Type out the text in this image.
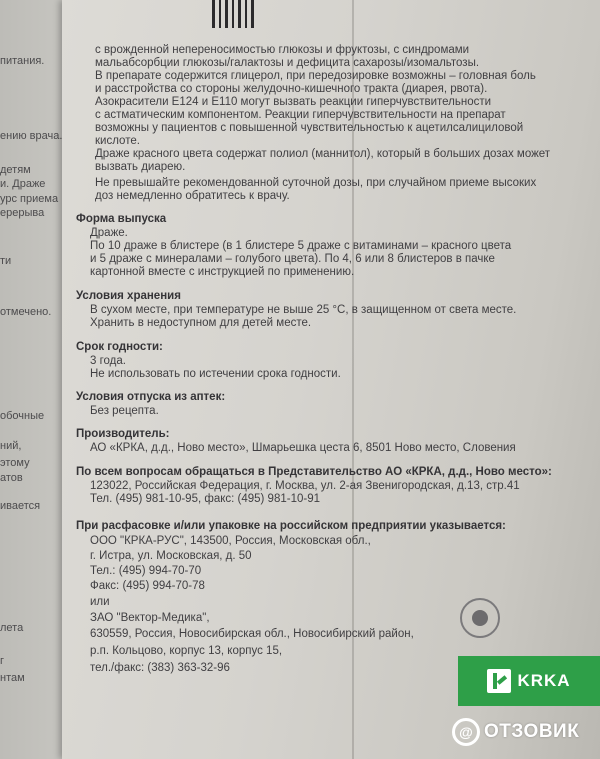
питания.
ению врача.
детям
и. Драже
урс приема
ерерыва
ти
отмечено.
обочные
ний,
этому
атов
ивается
лета
г
нтам
с врожденной непереносимостью глюкозы и фруктозы, с синдромами
мальабсорбции глюкозы/галактозы и дефицита сахарозы/изомальтозы.
В препарате содержится глицерол, при передозировке возможны – головная боль
и расстройства со стороны желудочно-кишечного тракта (диарея, рвота).
Азокрасители E124 и E110 могут вызвать реакции гиперчувствительности
с астматическим компонентом. Реакции гиперчувствительности на препарат
возможны у пациентов с повышенной чувствительностью к ацетилсалициловой
кислоте.
Драже красного цвета содержат полиол (маннитол), который в больших дозах может
вызвать диарею.
Не превышайте рекомендованной суточной дозы, при случайном приеме высоких
доз немедленно обратитесь к врачу.
Форма выпуска
Драже.
По 10 драже в блистере (в 1 блистере 5 драже с витаминами – красного цвета
и 5 драже с минералами – голубого цвета). По 4, 6 или 8 блистеров в пачке
картонной вместе с инструкцией по применению.
Условия хранения
В сухом месте, при температуре не выше 25 °С, в защищенном от света месте.
Хранить в недоступном для детей месте.
Срок годности:
3 года.
Не использовать по истечении срока годности.
Условия отпуска из аптек:
Без рецепта.
Производитель:
АО «КРКА, д.д., Ново место», Шмарьешка цеста 6, 8501 Ново место, Словения
По всем вопросам обращаться в Представительство АО «КРКА, д.д., Ново место»:
123022, Российская Федерация, г. Москва, ул. 2-ая Звенигородская, д.13, стр.41
Тел. (495) 981-10-95, факс: (495) 981-10-91
При расфасовке и/или упаковке на российском предприятии указывается:
ООО "КРКА-РУС", 143500, Россия, Московская обл.,
г. Истра, ул. Московская, д. 50
Тел.: (495) 994-70-70
Факс: (495) 994-70-78
или
ЗАО "Вектор-Медика",
630559, Россия, Новосибирская обл., Новосибирский район,
р.п. Кольцово, корпус 13, корпус 15,
тел./факс: (383) 363-32-96
KRKA
@ ОТЗОВИК
